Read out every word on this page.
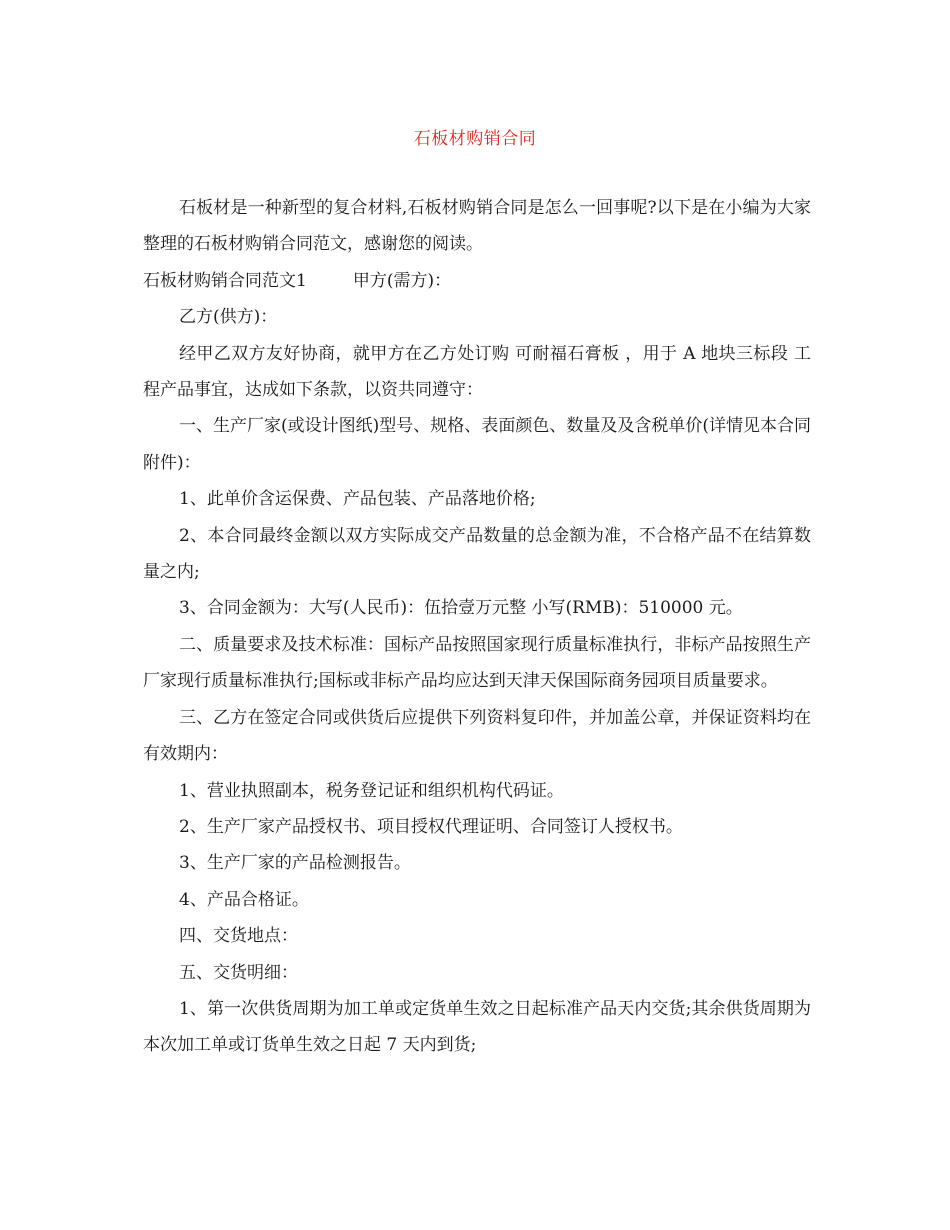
石板材购销合同

石板材是一种新型的复合材料,石板材购销合同是怎么一回事呢?以下是在小编为大家整理的石板材购销合同范文，感谢您的阅读。

石板材购销合同范文1	甲方(需方)：

乙方(供方)：

经甲乙双方友好协商，就甲方在乙方处订购 可耐福石膏板 ，用于 A 地块三标段 工程产品事宜，达成如下条款，以资共同遵守：

一、生产厂家(或设计图纸)型号、规格、表面颜色、数量及及含税单价(详情见本合同附件)：

1、此单价含运保费、产品包装、产品落地价格;

2、本合同最终金额以双方实际成交产品数量的总金额为准，不合格产品不在结算数量之内;

3、合同金额为：大写(人民币)：伍拾壹万元整 小写(RMB)：510000 元。

二、质量要求及技术标准：国标产品按照国家现行质量标准执行，非标产品按照生产厂家现行质量标准执行;国标或非标产品均应达到天津天保国际商务园项目质量要求。

三、乙方在签定合同或供货后应提供下列资料复印件，并加盖公章，并保证资料均在有效期内：

1、营业执照副本，税务登记证和组织机构代码证。

2、生产厂家产品授权书、项目授权代理证明、合同签订人授权书。

3、生产厂家的产品检测报告。

4、产品合格证。

四、交货地点：

五、交货明细：

1、第一次供货周期为加工单或定货单生效之日起标准产品天内交货;其余供货周期为本次加工单或订货单生效之日起 7 天内到货;
